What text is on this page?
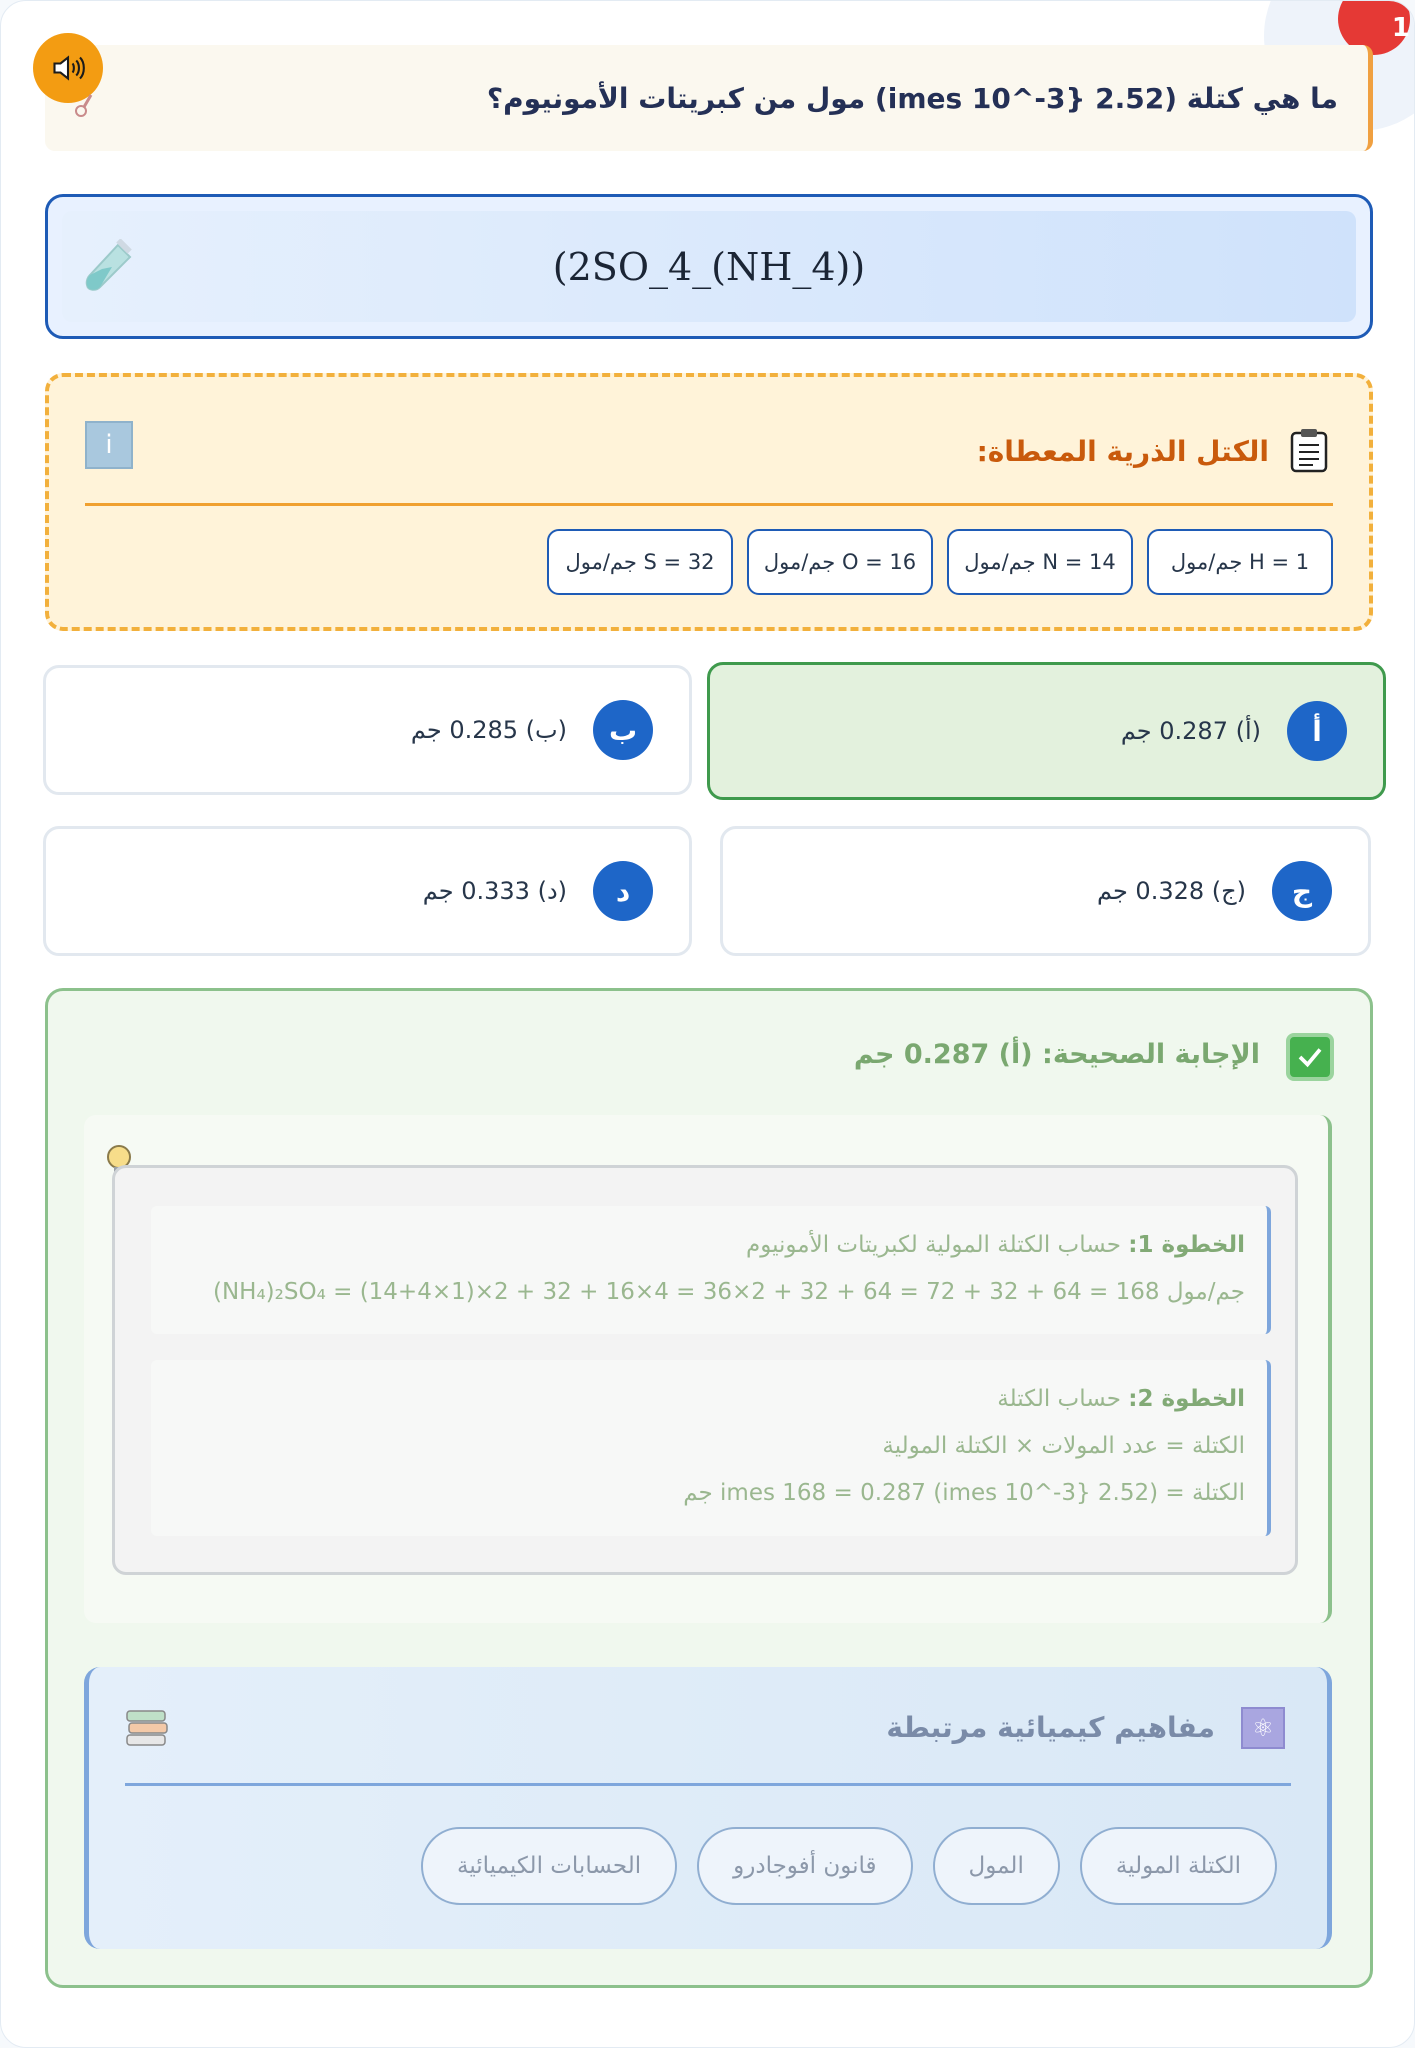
1
ما هي كتلة (2.52 {3-^imes 10) مول من كبريتات الأمونيوم؟
(2SO_4_(NH_4))
الكتل الذرية المعطاة:
i
H = 1 جم/مول
N = 14 جم/مول
O = 16 جم/مول
S = 32 جم/مول
أ
(أ) 0.287 جم
ب
(ب) 0.285 جم
ج
(ج) 0.328 جم
د
(د) 0.333 جم
الإجابة الصحيحة: (أ) 0.287 جم
الخطوة 1: حساب الكتلة المولية لكبريتات الأمونيوم
(NH₄)₂SO₄ = (14+4×1)×2 + 32 + 16×4 = 36×2 + 32 + 64 = 72 + 32 + 64 = 168 جم/مول
الخطوة 2: حساب الكتلة
الكتلة = عدد المولات × الكتلة المولية
الكتلة = (2.52 {3-^imes 10) imes 168 = 0.287 جم
⚛
مفاهيم كيميائية مرتبطة
الكتلة المولية
المول
قانون أفوجادرو
الحسابات الكيميائية
